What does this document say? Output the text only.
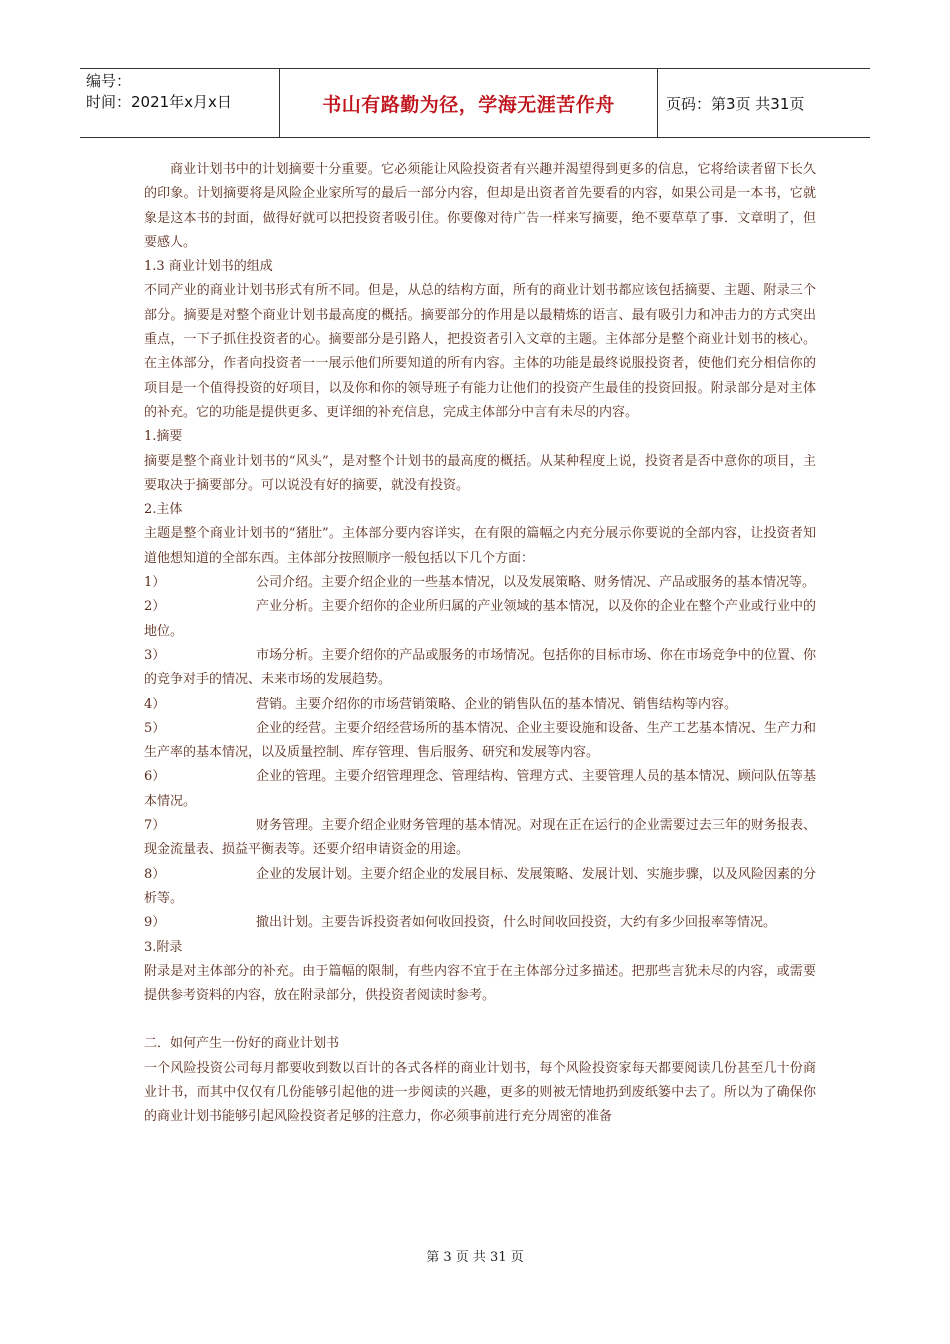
编号：
时间：2021年x月x日	书山有路勤为径，学海无涯苦作舟	页码：第3页 共31页

商业计划书中的计划摘要十分重要。它必须能让风险投资者有兴趣并渴望得到更多的信息，它将给读者留下长久的印象。计划摘要将是风险企业家所写的最后一部分内容，但却是出资者首先要看的内容，如果公司是一本书，它就象是这本书的封面，做得好就可以把投资者吸引住。你要像对待广告一样来写摘要，绝不要草草了事．文章明了，但要感人。

1.3 商业计划书的组成

不同产业的商业计划书形式有所不同。但是，从总的结构方面，所有的商业计划书都应该包括摘要、主题、附录三个部分。摘要是对整个商业计划书最高度的概括。摘要部分的作用是以最精炼的语言、最有吸引力和冲击力的方式突出重点，一下子抓住投资者的心。摘要部分是引路人，把投资者引入文章的主题。主体部分是整个商业计划书的核心。在主体部分，作者向投资者一一展示他们所要知道的所有内容。主体的功能是最终说服投资者，使他们充分相信你的项目是一个值得投资的好项目，以及你和你的领导班子有能力让他们的投资产生最佳的投资回报。附录部分是对主体的补充。它的功能是提供更多、更详细的补充信息，完成主体部分中言有未尽的内容。

1.摘要

摘要是整个商业计划书的“风头”，是对整个计划书的最高度的概括。从某种程度上说，投资者是否中意你的项目，主要取决于摘要部分。可以说没有好的摘要，就没有投资。

2.主体

主题是整个商业计划书的“猪肚”。主体部分要内容详实，在有限的篇幅之内充分展示你要说的全部内容，让投资者知道他想知道的全部东西。主体部分按照顺序一般包括以下几个方面：

1）	公司介绍。主要介绍企业的一些基本情况，以及发展策略、财务情况、产品或服务的基本情况等。

2）	产业分析。主要介绍你的企业所归属的产业领域的基本情况，以及你的企业在整个产业或行业中的地位。

3）	市场分析。主要介绍你的产品或服务的市场情况。包括你的目标市场、你在市场竞争中的位置、你的竞争对手的情况、未来市场的发展趋势。

4）	营销。主要介绍你的市场营销策略、企业的销售队伍的基本情况、销售结构等内容。

5）	企业的经营。主要介绍经营场所的基本情况、企业主要设施和设备、生产工艺基本情况、生产力和生产率的基本情况，以及质量控制、库存管理、售后服务、研究和发展等内容。

6）	企业的管理。主要介绍管理理念、管理结构、管理方式、主要管理人员的基本情况、顾问队伍等基本情况。

7）	财务管理。主要介绍企业财务管理的基本情况。对现在正在运行的企业需要过去三年的财务报表、现金流量表、损益平衡表等。还要介绍申请资金的用途。

8）	企业的发展计划。主要介绍企业的发展目标、发展策略、发展计划、实施步骤，以及风险因素的分析等。

9）	撤出计划。主要告诉投资者如何收回投资，什么时间收回投资，大约有多少回报率等情况。

3.附录

附录是对主体部分的补充。由于篇幅的限制，有些内容不宜于在主体部分过多描述。把那些言犹未尽的内容，或需要提供参考资料的内容，放在附录部分，供投资者阅读时参考。

二．如何产生一份好的商业计划书

一个风险投资公司每月都要收到数以百计的各式各样的商业计划书，每个风险投资家每天都要阅读几份甚至几十份商业计书，而其中仅仅有几份能够引起他的进一步阅读的兴趣，更多的则被无情地扔到废纸篓中去了。所以为了确保你的商业计划书能够引起风险投资者足够的注意力，你必须事前进行充分周密的准备

第 3 页 共 31 页
